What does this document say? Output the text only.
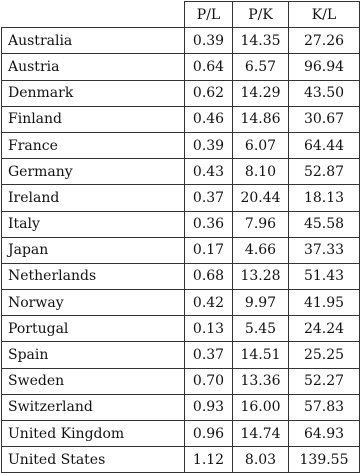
	P/L	P/K	K/L
Australia	0.39	14.35	27.26
Austria	0.64	6.57	96.94
Denmark	0.62	14.29	43.50
Finland	0.46	14.86	30.67
France	0.39	6.07	64.44
Germany	0.43	8.10	52.87
Ireland	0.37	20.44	18.13
Italy	0.36	7.96	45.58
Japan	0.17	4.66	37.33
Netherlands	0.68	13.28	51.43
Norway	0.42	9.97	41.95
Portugal	0.13	5.45	24.24
Spain	0.37	14.51	25.25
Sweden	0.70	13.36	52.27
Switzerland	0.93	16.00	57.83
United Kingdom	0.96	14.74	64.93
United States	1.12	8.03	139.55
